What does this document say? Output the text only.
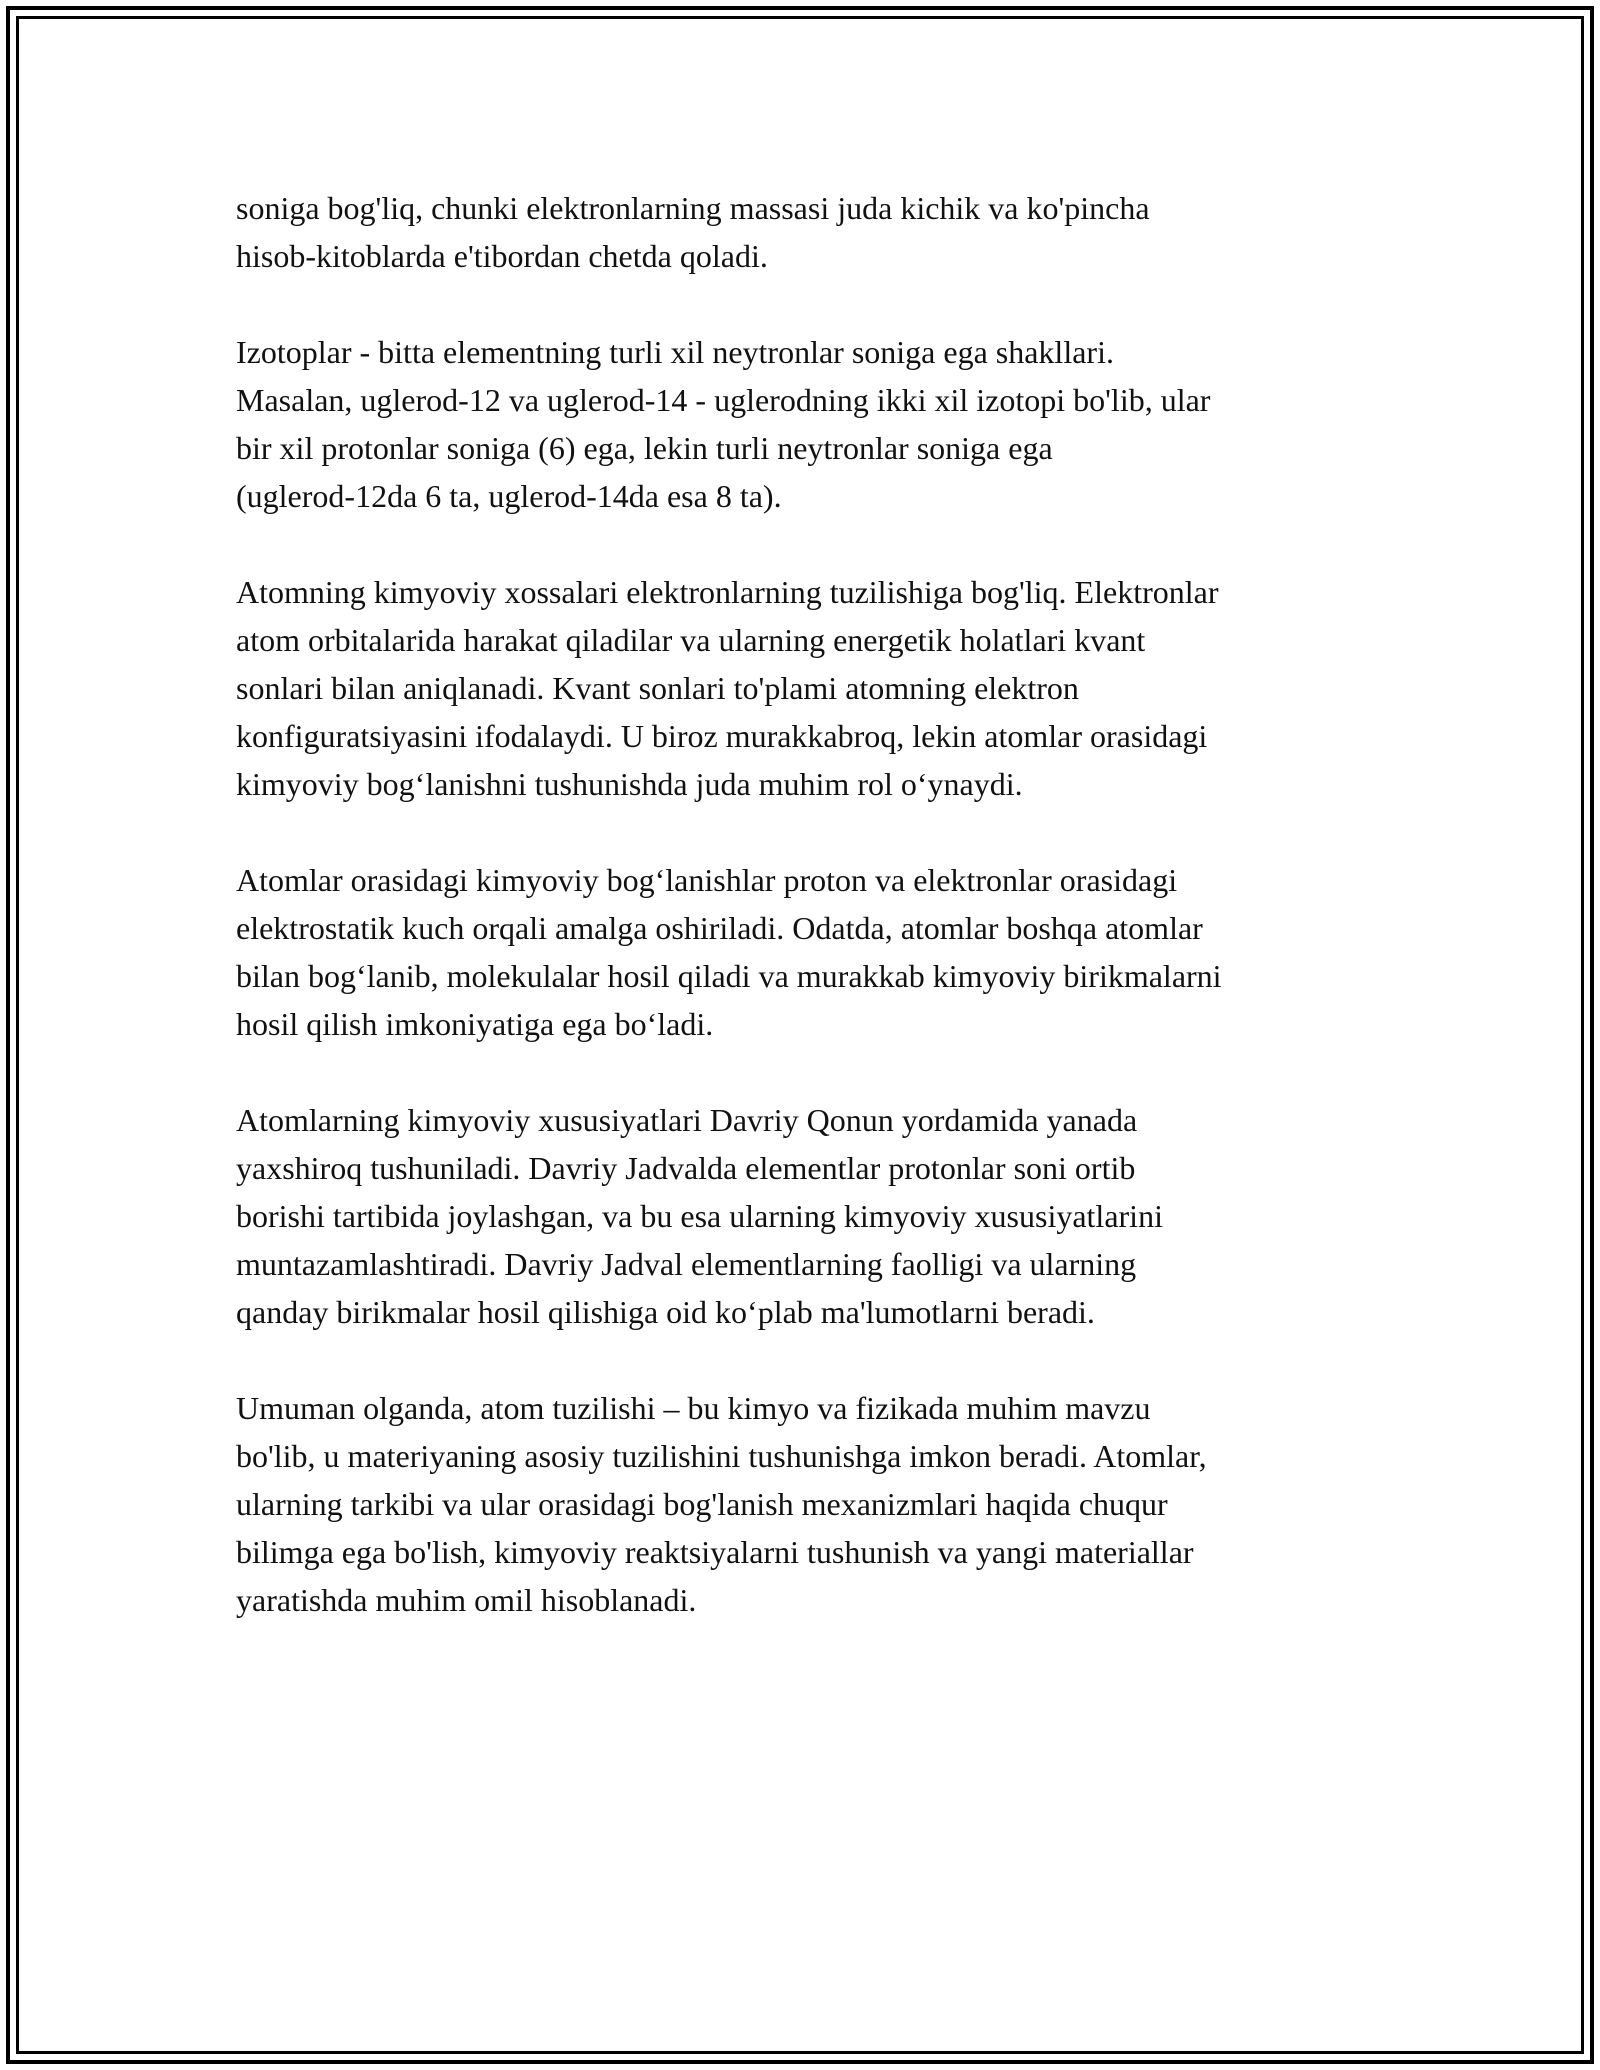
soniga bog'liq, chunki elektronlarning massasi juda kichik va ko'pincha
hisob-kitoblarda e'tibordan chetda qoladi.

Izotoplar - bitta elementning turli xil neytronlar soniga ega shakllari.
Masalan, uglerod-12 va uglerod-14 - uglerodning ikki xil izotopi bo'lib, ular
bir xil protonlar soniga (6) ega, lekin turli neytronlar soniga ega
(uglerod-12da 6 ta, uglerod-14da esa 8 ta).

Atomning kimyoviy xossalari elektronlarning tuzilishiga bog'liq. Elektronlar
atom orbitalarida harakat qiladilar va ularning energetik holatlari kvant
sonlari bilan aniqlanadi. Kvant sonlari to'plami atomning elektron
konfiguratsiyasini ifodalaydi. U biroz murakkabroq, lekin atomlar orasidagi
kimyoviy bog‘lanishni tushunishda juda muhim rol o‘ynaydi.

Atomlar orasidagi kimyoviy bog‘lanishlar proton va elektronlar orasidagi
elektrostatik kuch orqali amalga oshiriladi. Odatda, atomlar boshqa atomlar
bilan bog‘lanib, molekulalar hosil qiladi va murakkab kimyoviy birikmalarni
hosil qilish imkoniyatiga ega bo‘ladi.

Atomlarning kimyoviy xususiyatlari Davriy Qonun yordamida yanada
yaxshiroq tushuniladi. Davriy Jadvalda elementlar protonlar soni ortib
borishi tartibida joylashgan, va bu esa ularning kimyoviy xususiyatlarini
muntazamlashtiradi. Davriy Jadval elementlarning faolligi va ularning
qanday birikmalar hosil qilishiga oid ko‘plab ma'lumotlarni beradi.

Umuman olganda, atom tuzilishi – bu kimyo va fizikada muhim mavzu
bo'lib, u materiyaning asosiy tuzilishini tushunishga imkon beradi. Atomlar,
ularning tarkibi va ular orasidagi bog'lanish mexanizmlari haqida chuqur
bilimga ega bo'lish, kimyoviy reaktsiyalarni tushunish va yangi materiallar
yaratishda muhim omil hisoblanadi.
